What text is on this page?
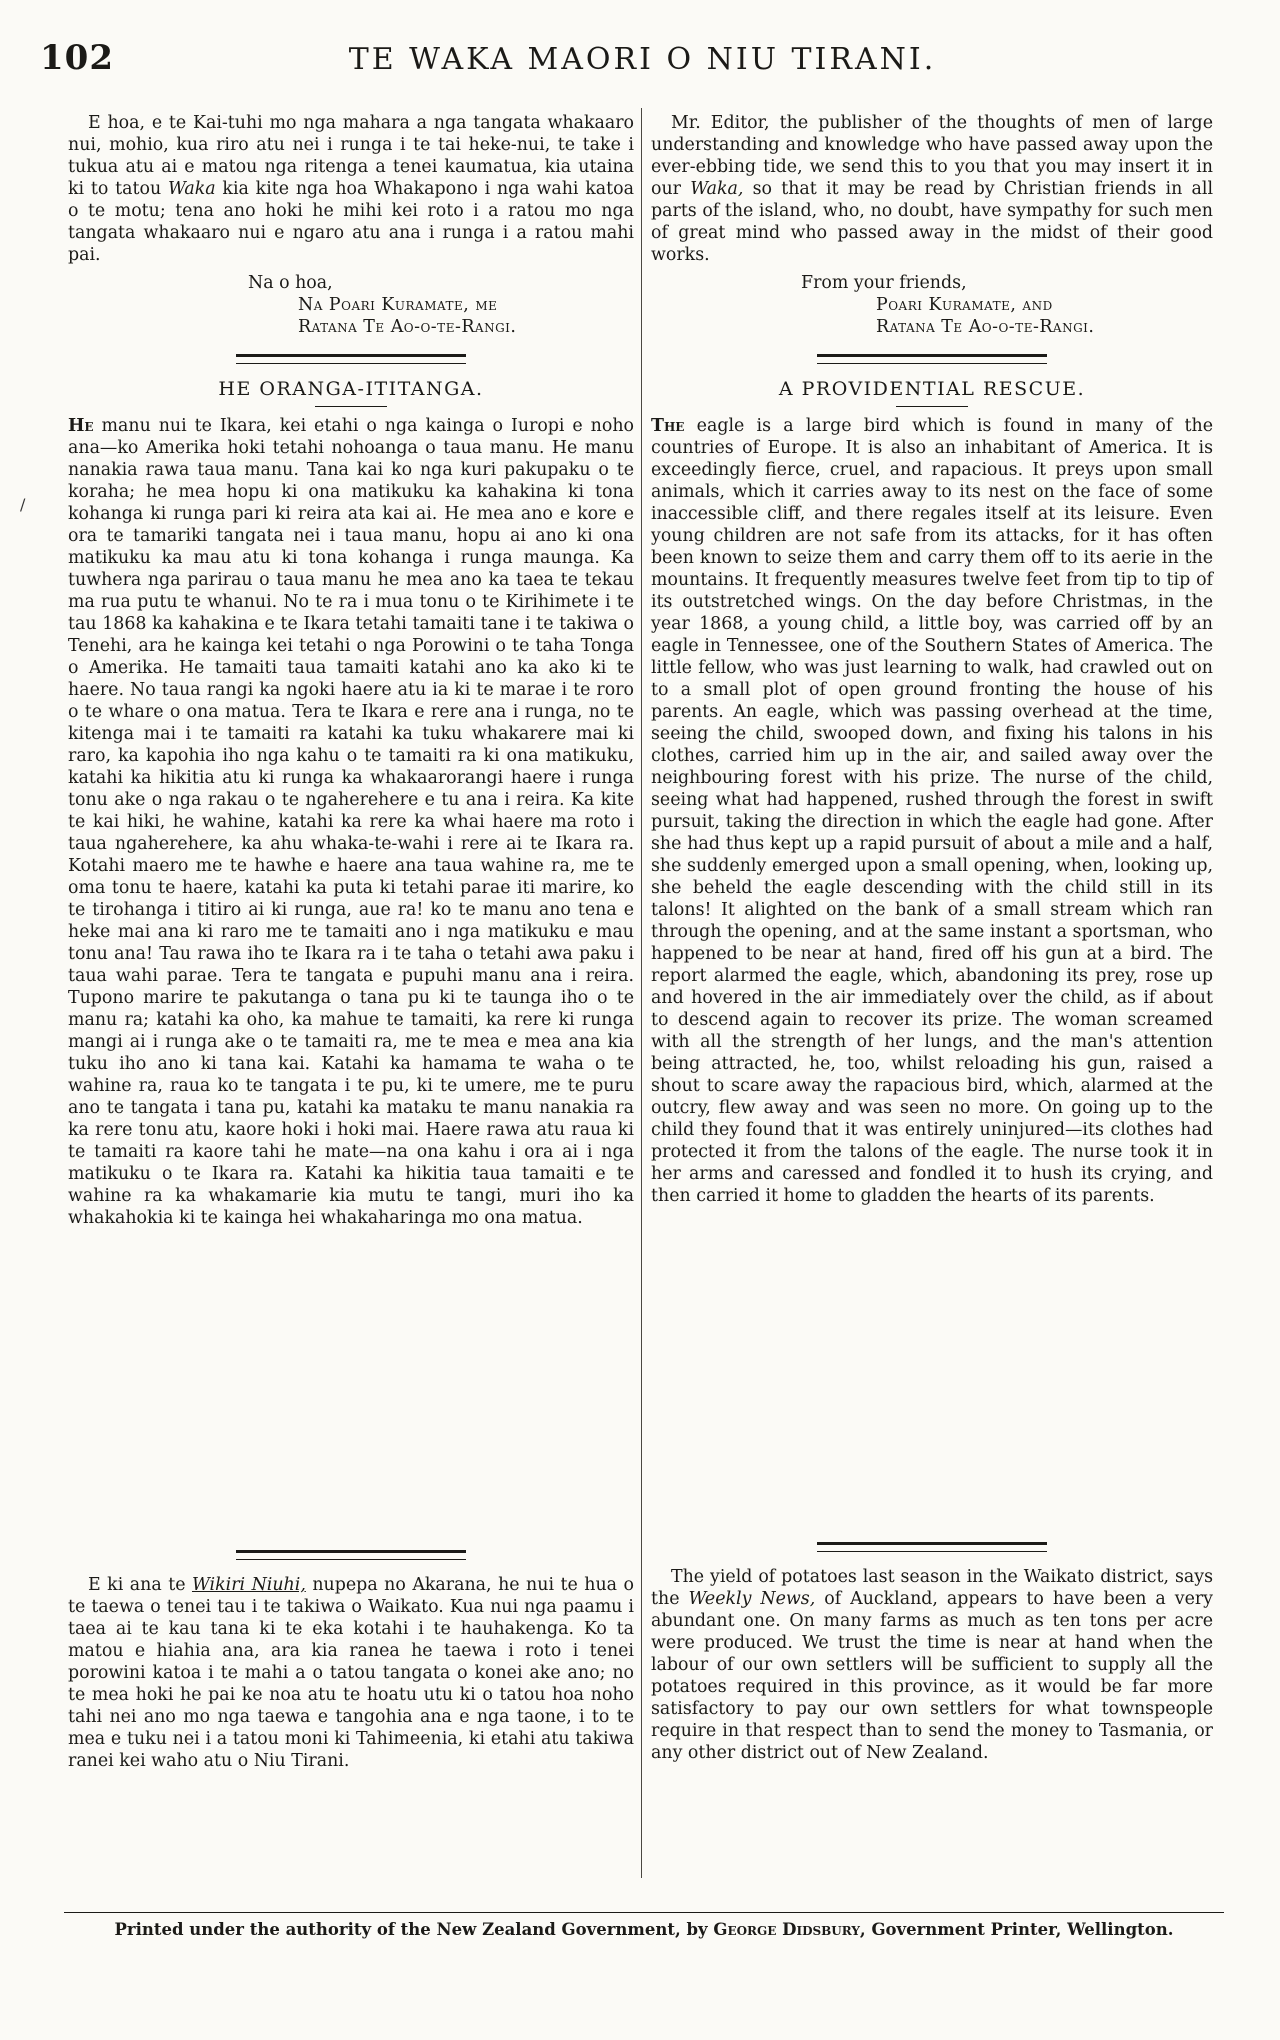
102	TE WAKA MAORI O NIU TIRANI.
/

E hoa, e te Kai-tuhi mo nga mahara a nga tangata whakaaro nui, mohio, kua riro atu nei i runga i te tai heke-nui, te take i tukua atu ai e matou nga ritenga a tenei kaumatua, kia utaina ki to tatou Waka kia kite nga hoa Whakapono i nga wahi katoa o te motu; tena ano hoki he mihi kei roto i a ratou mo nga tangata whakaaro nui e ngaro atu ana i runga i a ratou mahi pai.

Na o hoa,
Na Poari Kuramate, me
Ratana Te Ao-o-te-Rangi.
HE ORANGA-ITITANGA.

He manu nui te Ikara, kei etahi o nga kainga o Iuropi e noho ana—ko Amerika hoki tetahi nohoanga o taua manu. He manu nanakia rawa taua manu. Tana kai ko nga kuri pakupaku o te koraha; he mea hopu ki ona matikuku ka kahakina ki tona kohanga ki runga pari ki reira ata kai ai. He mea ano e kore e ora te tamariki tangata nei i taua manu, hopu ai ano ki ona matikuku ka mau atu ki tona kohanga i runga maunga. Ka tuwhera nga parirau o taua manu he mea ano ka taea te tekau ma rua putu te whanui. No te ra i mua tonu o te Kirihimete i te tau 1868 ka kahakina e te Ikara tetahi tamaiti tane i te takiwa o Tenehi, ara he kainga kei tetahi o nga Porowini o te taha Tonga o Amerika. He tamaiti taua tamaiti katahi ano ka ako ki te haere. No taua rangi ka ngoki haere atu ia ki te marae i te roro o te whare o ona matua. Tera te Ikara e rere ana i runga, no te kitenga mai i te tamaiti ra katahi ka tuku whakarere mai ki raro, ka kapohia iho nga kahu o te tamaiti ra ki ona matikuku, katahi ka hikitia atu ki runga ka whakaarorangi haere i runga tonu ake o nga rakau o te ngaherehere e tu ana i reira. Ka kite te kai hiki, he wahine, katahi ka rere ka whai haere ma roto i taua ngaherehere, ka ahu whaka-te-wahi i rere ai te Ikara ra. Kotahi maero me te hawhe e haere ana taua wahine ra, me te oma tonu te haere, katahi ka puta ki tetahi parae iti marire, ko te tirohanga i titiro ai ki runga, aue ra! ko te manu ano tena e heke mai ana ki raro me te tamaiti ano i nga matikuku e mau tonu ana! Tau rawa iho te Ikara ra i te taha o tetahi awa paku i taua wahi parae. Tera te tangata e pupuhi manu ana i reira. Tupono marire te pakutanga o tana pu ki te taunga iho o te manu ra; katahi ka oho, ka mahue te tamaiti, ka rere ki runga mangi ai i runga ake o te tamaiti ra, me te mea e mea ana kia tuku iho ano ki tana kai. Katahi ka hamama te waha o te wahine ra, raua ko te tangata i te pu, ki te umere, me te puru ano te tangata i tana pu, katahi ka mataku te manu nanakia ra ka rere tonu atu, kaore hoki i hoki mai. Haere rawa atu raua ki te tamaiti ra kaore tahi he mate—na ona kahu i ora ai i nga matikuku o te Ikara ra. Katahi ka hikitia taua tamaiti e te wahine ra ka whakamarie kia mutu te tangi, muri iho ka whakahokia ki te kainga hei whakaharinga mo ona matua.

E ki ana te Wikiri Niuhi, nupepa no Akarana, he nui te hua o te taewa o tenei tau i te takiwa o Waikato. Kua nui nga paamu i taea ai te kau tana ki te eka kotahi i te hauhakenga. Ko ta matou e hiahia ana, ara kia ranea he taewa i roto i tenei porowini katoa i te mahi a o tatou tangata o konei ake ano; no te mea hoki he pai ke noa atu te hoatu utu ki o tatou hoa noho tahi nei ano mo nga taewa e tangohia ana e nga taone, i to te mea e tuku nei i a tatou moni ki Tahimeenia, ki etahi atu takiwa ranei kei waho atu o Niu Tirani.

Mr. Editor, the publisher of the thoughts of men of large understanding and knowledge who have passed away upon the ever-ebbing tide, we send this to you that you may insert it in our Waka, so that it may be read by Christian friends in all parts of the island, who, no doubt, have sympathy for such men of great mind who passed away in the midst of their good works.

From your friends,
Poari Kuramate, and
Ratana Te Ao-o-te-Rangi.
A PROVIDENTIAL RESCUE.

The eagle is a large bird which is found in many of the countries of Europe. It is also an inhabitant of America. It is exceedingly fierce, cruel, and rapacious. It preys upon small animals, which it carries away to its nest on the face of some inaccessible cliff, and there regales itself at its leisure. Even young children are not safe from its attacks, for it has often been known to seize them and carry them off to its aerie in the mountains. It frequently measures twelve feet from tip to tip of its outstretched wings. On the day before Christmas, in the year 1868, a young child, a little boy, was carried off by an eagle in Tennessee, one of the Southern States of America. The little fellow, who was just learning to walk, had crawled out on to a small plot of open ground fronting the house of his parents. An eagle, which was passing overhead at the time, seeing the child, swooped down, and fixing his talons in his clothes, carried him up in the air, and sailed away over the neighbouring forest with his prize. The nurse of the child, seeing what had happened, rushed through the forest in swift pursuit, taking the direction in which the eagle had gone. After she had thus kept up a rapid pursuit of about a mile and a half, she suddenly emerged upon a small opening, when, looking up, she beheld the eagle descending with the child still in its talons! It alighted on the bank of a small stream which ran through the opening, and at the same instant a sportsman, who happened to be near at hand, fired off his gun at a bird. The report alarmed the eagle, which, abandoning its prey, rose up and hovered in the air immediately over the child, as if about to descend again to recover its prize. The woman screamed with all the strength of her lungs, and the man's attention being attracted, he, too, whilst reloading his gun, raised a shout to scare away the rapacious bird, which, alarmed at the outcry, flew away and was seen no more. On going up to the child they found that it was entirely uninjured—its clothes had protected it from the talons of the eagle. The nurse took it in her arms and caressed and fondled it to hush its crying, and then carried it home to gladden the hearts of its parents.

The yield of potatoes last season in the Waikato district, says the Weekly News, of Auckland, appears to have been a very abundant one. On many farms as much as ten tons per acre were produced. We trust the time is near at hand when the labour of our own settlers will be sufficient to supply all the potatoes required in this province, as it would be far more satisfactory to pay our own settlers for what townspeople require in that respect than to send the money to Tasmania, or any other district out of New Zealand.

Printed under the authority of the New Zealand Government, by George Didsbury, Government Printer, Wellington.
